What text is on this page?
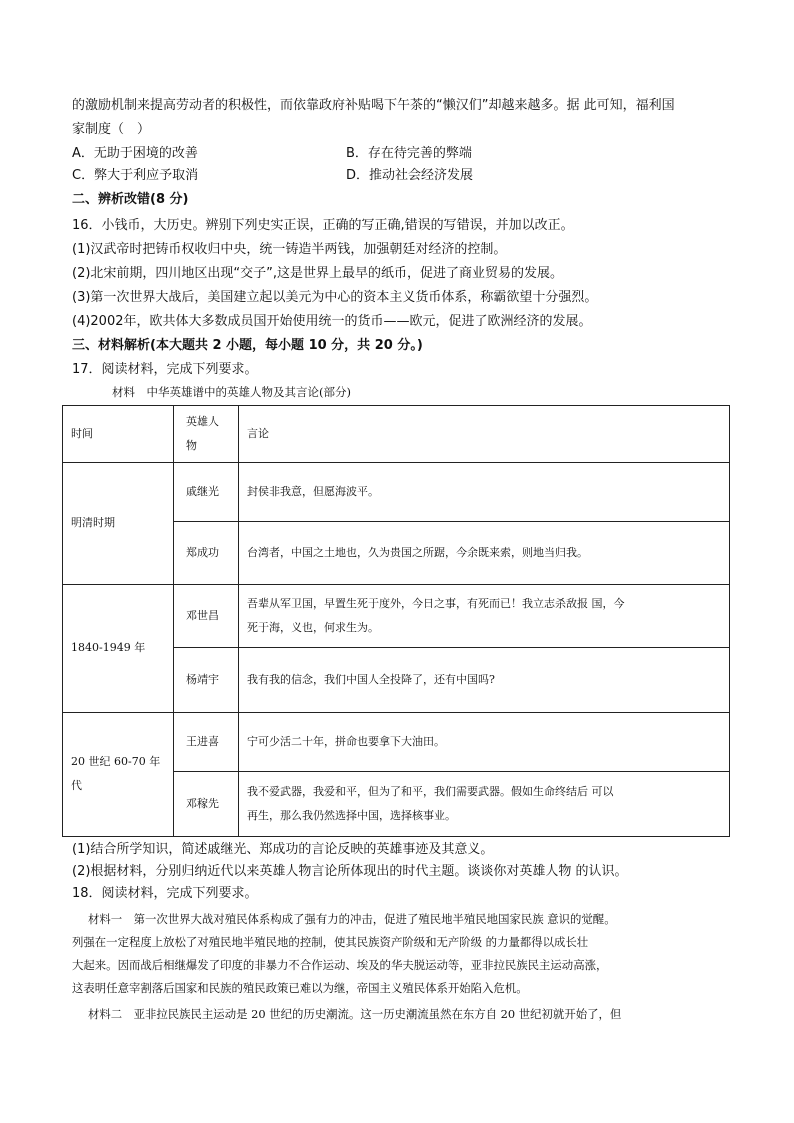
的激励机制来提高劳动者的积极性，而依靠政府补贴喝下午茶的“懒汉们”却越来越多。据 此可知，福利国
家制度（　）
A．无助于困境的改善	B．存在待完善的弊端
C．弊大于利应予取消	D．推动社会经济发展
二、辨析改错(8 分)
16．小钱币，大历史。辨别下列史实正误，正确的写正确,错误的写错误，并加以改正。
(1)汉武帝时把铸币权收归中央，统一铸造半两钱，加强朝廷对经济的控制。
(2)北宋前期，四川地区出现“交子”,这是世界上最早的纸币，促进了商业贸易的发展。
(3)第一次世界大战后，美国建立起以美元为中心的资本主义货币体系，称霸欲望十分强烈。
(4)2002年，欧共体大多数成员国开始使用统一的货币——欧元，促进了欧洲经济的发展。
三、材料解析(本大题共 2 小题，每小题 10 分，共 20 分。)
17．阅读材料，完成下列要求。
材料　中华英雄谱中的英雄人物及其言论(部分)
时间	英雄人物	言论
明清时期	戚继光	封侯非我意，但愿海波平。
	郑成功	台湾者，中国之土地也，久为贵国之所踞，今余既来索，则地当归我。
1840-1949 年	邓世昌	吾辈从军卫国，早置生死于度外，今日之事，有死而已！我立志杀敌报 国，今
死于海，义也，何求生为。

	杨靖宇	我有我的信念，我们中国人全投降了，还有中国吗?

20 世纪 60-70 年
代	王进喜	宁可少活二十年，拼命也要拿下大油田。
	邓稼先	我不爱武器，我爱和平，但为了和平，我们需要武器。假如生命终结后 可以
再生，那么我仍然选择中国，选择核事业。
(1)结合所学知识，简述戚继光、郑成功的言论反映的英雄事迹及其意义。
(2)根据材料，分别归纳近代以来英雄人物言论所体现出的时代主题。谈谈你对英雄人物 的认识。
18．阅读材料，完成下列要求。
材料一　第一次世界大战对殖民体系构成了强有力的冲击，促进了殖民地半殖民地国家民族 意识的觉醒。
列强在一定程度上放松了对殖民地半殖民地的控制，使其民族资产阶级和无产阶级 的力量都得以成长壮
大起来。因而战后相继爆发了印度的非暴力不合作运动、埃及的华夫脱运动等，亚非拉民族民主运动高涨，
这表明任意宰割落后国家和民族的殖民政策已难以为继，帝国主义殖民体系开始陷入危机。
材料二　亚非拉民族民主运动是 20 世纪的历史潮流。这一历史潮流虽然在东方自 20 世纪初就开始了，但
